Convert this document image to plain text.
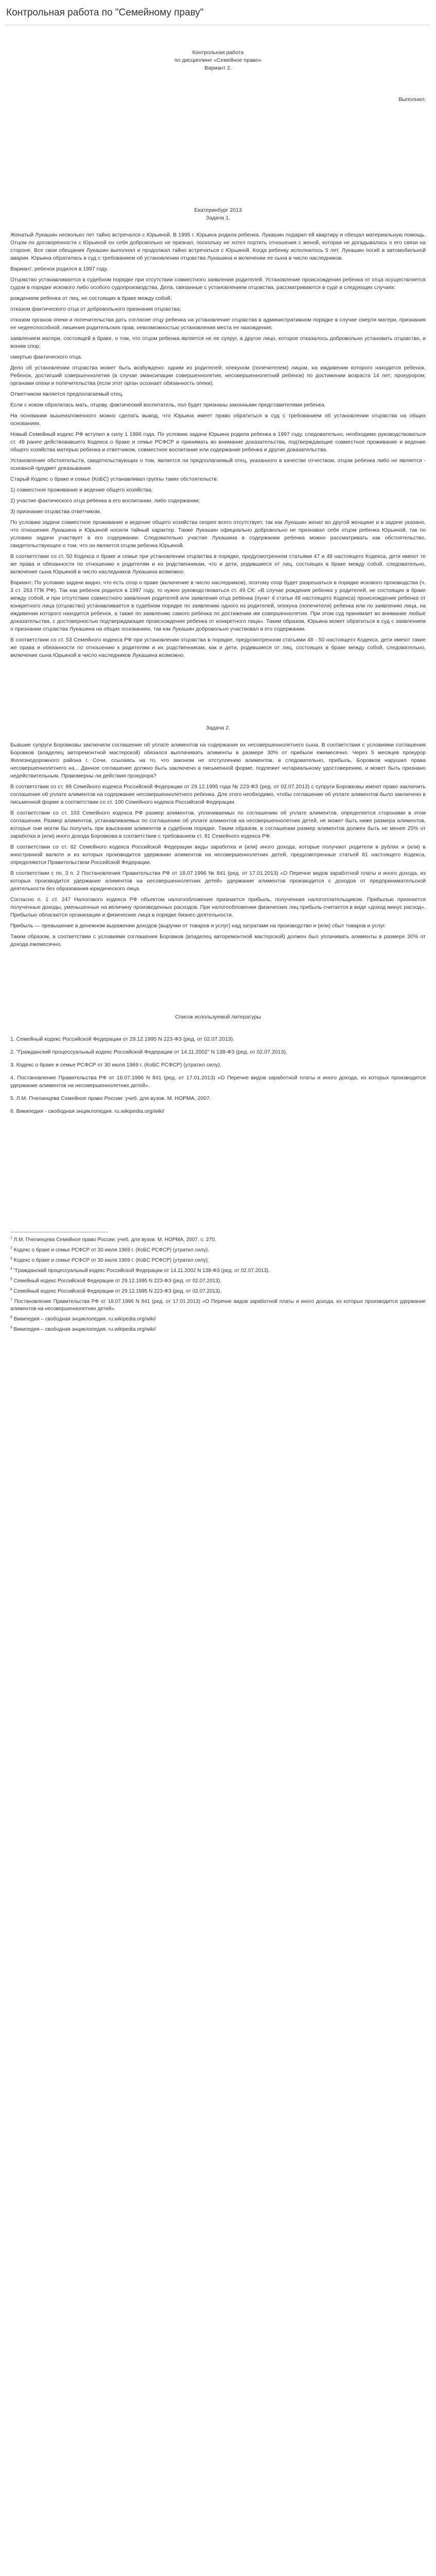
Контрольная работа по "Семейному праву"
Контрольная работа
по дисциплине «Семейное право»
Вариант 2.
Выполнил:
Екатеринбург 2013
Задача 1.

Женатый Лукашин несколько лет тайно встречался с Юрьиной. В 1995 г. Юрьина родила ребенка. Лукашин подарил ей квартиру и обещал материальную помощь. Отцом по договоренности с Юрьиной он себя добровольно не признал, поскольку не хотел портить отношения с женой, которая не догадывалась о его связи на стороне. Все свои обещания Лукашин выполнял и продолжал тайно встречаться с Юрьиной. Когда ребенку исполнилось 5 лет, Лукашин погиб в автомобильной аварии. Юрьина обратилась в суд с требованием об установлении отцовства Лукашина и включении ее сына в число наследников.

Вариант: ребенок родился в 1997 году.

Отцовство устанавливается в судебном порядке при отсутствии совместного заявления родителей. Установление происхождения ребенка от отца осуществляется судом в порядке искового либо особого судопроизводства. Дела, связанные с установлением отцовства, рассматриваются в суде в следующих случаях:

рождением ребенка от лиц, не состоящих в браке между собой;

отказом фактического отца от добровольного признания отцовства;

отказом органов опеки и попечительства дать согласие отцу ребенка на установление отцовства в административном порядке в случае смерти матери, признания ее недееспособной, лишения родительских прав, невозможностью установления места ее нахождения;

заявлением матери, состоящей в браке, о том, что отцом ребенка является не ее супруг, а другое лицо, которое отказалось добровольно установить отцовство, и воним спор;

смертью фактического отца.

Дело об установлении отцовства может быть возбуждено: одним из родителей; опекуном (попечителем) лицом, на иждивении которого находится ребенок. Ребенок, достигший совершеннолетия (в случае эмансипации совершеннолетия, несовершеннолетний ребенок) по достижении возраста 14 лет; прокурором; органами опеки и попечительства (если этот орган осознает обязанность опеки).

Отметчиком является предполагаемый отец.

Если с иском обратилась мать, отцову, фактический воспитатель, пол будет признаны законными представителями ребенка.

На основании вышеизложенного можно сделать вывод, что Юрьина имеет право обратиться в суд с требованием об установлении отцовства на общих основаниях.

Новый Семейный кодекс РФ вступил в силу 1 1996 года. По условию задачи Юрьина родила ребенка в 1997 году, следовательно, необходимо руководствоваться ст. 49 ранее действовавшего Кодекса о браке и семье РСФСР и принимать во внимание доказательства, подтверждающие совместное проживание и ведение общего хозяйства матерью ребенка и ответчиком, совместное воспитание или содержание ребенка и другие доказательства.

Установление обстоятельств, свидетельствующих о том, является ли предполагаемый отец, указанного в качестве отчеством, отцом ребенка либо не является - основной предмет доказывания.

Старый Кодекс о браке и семье (КоБС) устанавливал группы таких обстоятельств:

1) совместное проживание и ведение общего хозяйства;

2) участие фактического отца ребенка в его воспитании, либо содержании;

3) признание отцовства ответчиком.

По условию задачи совместное проживание и ведение общего хозяйства скорее всего отсутствует, так как Лукашин женат во другой женщине и в задаче указано, что отношения Лукашина и Юрьиной носили тайный характер. Также Лукашин официально добровольно не признавал себя отцом ребенка Юрьиной, так по условию задачи участвует в его содержании. Следовательно участие Лукашина в содержании ребенка можно рассматривать как обстоятельство, свидетельствующее о том, что он является отцом ребенка Юрьиной.

В соответствии со ст. 50 Кодекса о браке и семье при установлении отцовства в порядке, предусмотренном статьями 47 и 48 настоящего Кодекса, дети имеют те же права и обязанности по отношению к родителям и их родственникам, что и дети, родившиеся от лиц, состоящих в браке между собой, следовательно, включение сына Юрьиной в число наследников Лукашина возможно.

Вариант: По условию задачи видно, что есть спор о праве (включение в число наследников), поэтому спор будет разрешаться в порядке искового производства (ч. 3 ст. 263 ГПК РФ). Так как ребенок родился в 1997 году, то нужно руководствоваться ст. 49 СК: «В случае рождения ребенка у родителей, не состоящих в браке между собой, и при отсутствии совместного заявления родителей или заявления отца ребенка (пункт 4 статьи 48 настоящего Кодекса) происхождение ребенка от конкретного лица (отцовство) устанавливается в судебном порядке по заявлению одного из родителей, опекуна (попечителя) ребенка или по заявлению лица, на иждивении которого находится ребенок, а также по заявлению самого ребенка по достижении им совершеннолетия. При этом суд принимает во внимание любые доказательства, с достоверностью подтверждающие происхождение ребенка от конкретного лица». Таким образом, Юрьина может обратиться в суд с заявлением о признании отцовства Лукашина на общих основаниях, так как Лукашин добровольно участвовал в его содержании.

В соответствии со ст. 53 Семейного кодекса РФ при установлении отцовства в порядке, предусмотренном статьями 48 - 50 настоящего Кодекса, дети имеют такие же права и обязанности по отношению к родителям и их родственникам, как и дети, родившиеся от лиц, состоящих в браке между собой, следовательно, включение сына Юрьиной в число наследников Лукашина возможно.

Задача 2.

Бывшие супруги Боровковы заключили соглашение об уплате алиментов на содержание их несовершеннолетнего сына. В соответствии с условиями соглашения Боровков (владелец авторемонтной мастерской) обязался выплачивать алименты в размере 30% от прибыли ежемесячно. Через 5 месяцев прокурор Железнодорожного района г. Сочи, ссылаясь на то, что законом не отступлению алиментов, в следовательно, прибыль, Боровков нарушил права несовершеннолетнего на... Данное соглашение должно быть заключено в письменной форме, подлежит нотариальному удостоверению, и может быть признано недействительным. Правомерны ли действия прокурора?

В соответствии со ст. 99 Семейного кодекса Российской Федерации от 29.12.1995 года № 223-ФЗ (ред. от 02.07.2013) с супруги Боровковы имеют право заключить соглашение об уплате алиментов на содержание несовершеннолетнего ребенка. Для этого необходимо, чтобы соглашение об уплате алиментов было заключено в письменной форме в соответствии со ст. 100 Семейного кодекса Российской Федерации.

В соответствии со ст. 103 Семейного кодекса РФ размер алиментов, уплачиваемых по соглашению об уплате алиментов, определяется сторонами в этом соглашении. Размер алиментов, устанавливаемых по соглашению об уплате алиментов на несовершеннолетних детей, не может быть ниже размера алиментов, которые они могли бы получить при взыскании алиментов в судебном порядке. Таким образом, в соглашении размер алиментов должен быть не менее 25% от заработка и (или) иного дохода Боровкова в соответствии с требованием ст. 81 Семейного кодекса РФ.

В соответствии со ст. 82 Семейного кодекса Российской Федерации виды заработка и (или) иного дохода, которые получают родители в рублях и (или) в иностранной валюте и из которых производится удержание алиментов на несовершеннолетних детей, предусмотренные статьей 81 настоящего Кодекса, определяются Правительством Российской Федерации.

В соответствии с пп. 3 п. 2 Постановления Правительства РФ от 18.07.1996 № 841 (ред. от 17.01.2013) «О Перечне видов заработной платы и иного дохода, из которых производится удержание алиментов на несовершеннолетних детей» удержание алиментов производится с доходов от предпринимательской деятельности без образования юридического лица.

Согласно п. 1 ст. 247 Налогового кодекса РФ объектом налогообложения признается прибыль, полученная налогоплательщиком. Прибылью признается полученные доходы, уменьшенные на величину произведенных расходов. При налогообложении физических лиц прибыль считается в виде «доход минус расход». Прибылью облагаются организации и физические лица в порядке бизнес-деятельности.

Прибыль — превышение в денежном выражении доходов (выручки от товаров и услуг) над затратами на производство и (или) сбыт товаров и услуг.

Таким образом, в соответствии с условиями соглашения Боровков (владелец авторемонтной мастерской) должен был уплачивать алименты в размере 30% от дохода ежемесячно.

Список используемой литературы
1. Семейный кодекс Российской Федерации от 29.12.1995 N 223-ФЗ (ред. от 02.07.2013).
2. "Гражданский процессуальный кодекс Российской Федерации от 14.11.2002" N 138-ФЗ (ред. от 02.07.2013).
3. Кодекс о браке и семье РСФСР от 30 июля 1969 г. (КоБС РСФСР) (утратил силу).
4. Постановление Правительства РФ от 18.07.1996 N 841 (ред. от 17.01.2013) «О Перечне видов заработной платы и иного дохода, из которых производится удержание алиментов на несовершеннолетних детей».
5. Л.М. Пчелинцева Семейное право России: учеб. для вузов. М. НОРМА, 2007.
6. Википедия - свободная энциклопедия. ru.wikipedia.org/wiki/
$^1$ Л.М. Пчелинцева Семейное право России: учеб. для вузов. М. НОРМА, 2007. с. 270.
$^2$ Кодекс о браке и семье РСФСР от 30 июля 1969 г. (КоБС РСФСР) (утратил силу).
$^3$ Кодекс о браке и семье РСФСР от 30 июля 1969 г. (КоБС РСФСР) (утратил силу).
$^4$ "Гражданский процессуальный кодекс Российской Федерации от 14.11.2002 N 138-ФЗ (ред. от 02.07.2013).
$^5$ Семейный кодекс Российской Федерации от 29.12.1995 N 223-ФЗ (ред. от 02.07.2013).
$^6$ Семейный кодекс Российской Федерации от 29.12.1995 N 223-ФЗ (ред. от 02.07.2013).
$^7$ Постановление Правительства РФ от 18.07.1996 N 841 (ред. от 17.01.2013) «О Перечне видов заработной платы и иного дохода, из которых производится удержание алиментов на несовершеннолетних детей».
$^8$ Википедия – свободная энциклопедия. ru.wikipedia.org/wiki/
$^9$ Википедия – свободная энциклопедия. ru.wikipedia.org/wiki/
